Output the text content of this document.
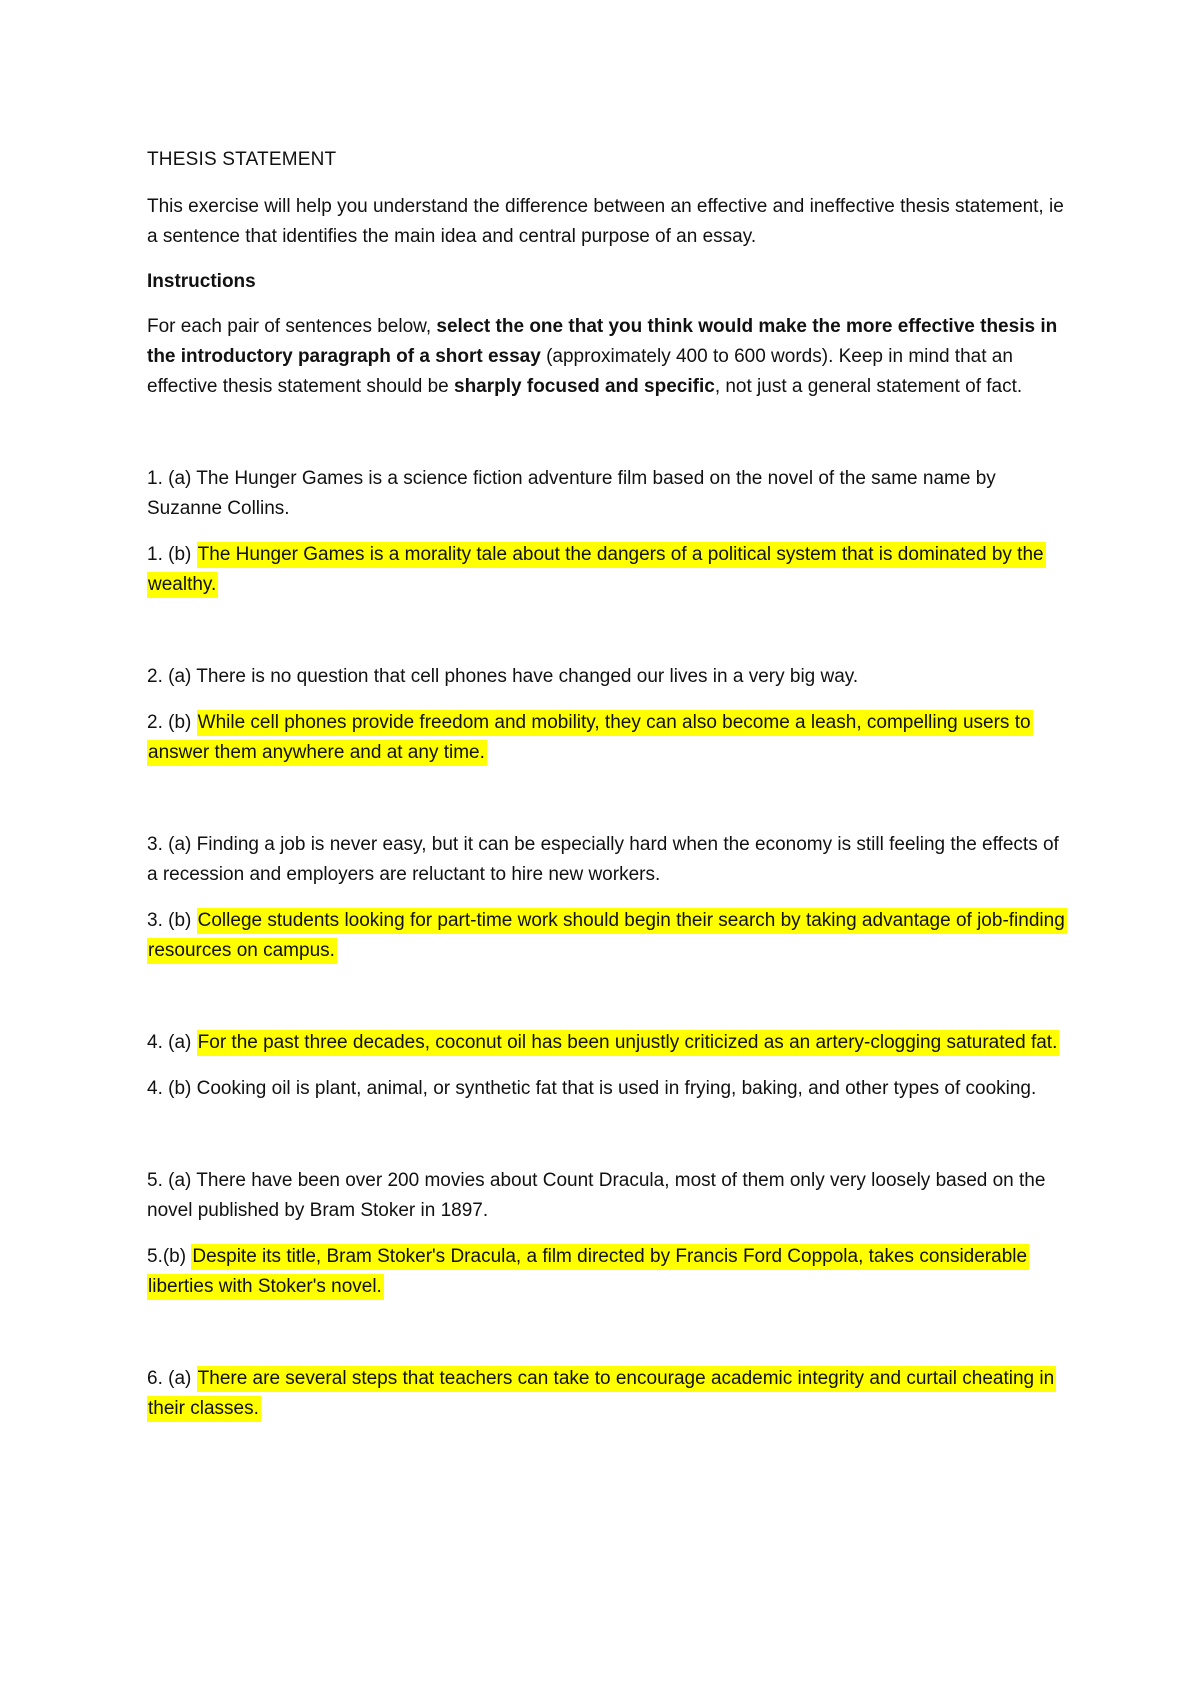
THESIS STATEMENT

This exercise will help you understand the difference between an effective and ineffective thesis statement, ie a sentence that identifies the main idea and central purpose of an essay.

Instructions

For each pair of sentences below, select the one that you think would make the more effective thesis in the introductory paragraph of a short essay (approximately 400 to 600 words). Keep in mind that an effective thesis statement should be sharply focused and specific, not just a general statement of fact.

1. (a) The Hunger Games is a science fiction adventure film based on the novel of the same name by Suzanne Collins.

1. (b) The Hunger Games is a morality tale about the dangers of a political system that is dominated by the wealthy.

2. (a) There is no question that cell phones have changed our lives in a very big way.

2. (b) While cell phones provide freedom and mobility, they can also become a leash, compelling users to answer them anywhere and at any time.

3. (a) Finding a job is never easy, but it can be especially hard when the economy is still feeling the effects of a recession and employers are reluctant to hire new workers.

3. (b) College students looking for part-time work should begin their search by taking advantage of job-finding resources on campus.

4. (a) For the past three decades, coconut oil has been unjustly criticized as an artery-clogging saturated fat.

4. (b) Cooking oil is plant, animal, or synthetic fat that is used in frying, baking, and other types of cooking.

5. (a) There have been over 200 movies about Count Dracula, most of them only very loosely based on the novel published by Bram Stoker in 1897.

5.(b) Despite its title, Bram Stoker's Dracula, a film directed by Francis Ford Coppola, takes considerable liberties with Stoker's novel.

6. (a) There are several steps that teachers can take to encourage academic integrity and curtail cheating in their classes.
